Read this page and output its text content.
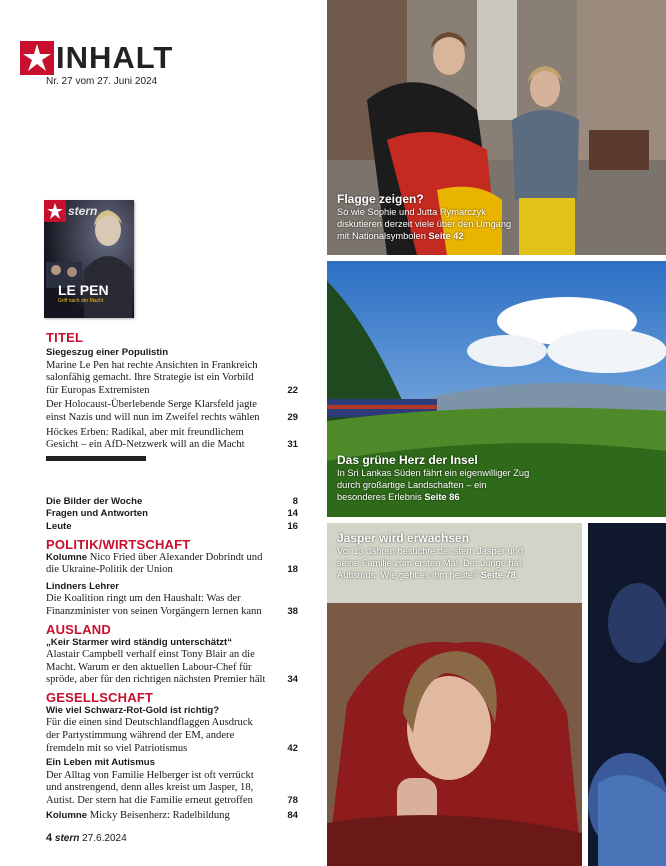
INHALT
Nr. 27 vom 27. Juni 2024
LE PEN
Griff nach der Macht
stern
TITEL
Siegeszug einer Populistin
Marine Le Pen hat rechte Ansichten in Frankreich salonfähig gemacht. Ihre Strategie ist ein Vorbild für Europas Extremisten	22
Der Holocaust-Überlebende Serge Klarsfeld jagte einst Nazis und will nun im Zweifel rechts wählen	29
Höckes Erben: Radikal, aber mit freundlichem Gesicht – ein AfD-Netzwerk will an die Macht	31
Die Bilder der Woche	8
Fragen und Antworten	14
Leute	16
POLITIK/WIRTSCHAFT
Kolumne Nico Fried über Alexander Dobrindt und die Ukraine-Politik der Union	18
Lindners Lehrer
Die Koalition ringt um den Haushalt: Was der Finanzminister von seinen Vorgängern lernen kann	38
AUSLAND
„Keir Starmer wird ständig unterschätzt“
Alastair Campbell verhalf einst Tony Blair an die Macht. Warum er den aktuellen Labour-Chef für spröde, aber für den richtigen nächsten Premier hält 34
GESELLSCHAFT
Wie viel Schwarz-Rot-Gold ist richtig?
Für die einen sind Deutschlandflaggen Ausdruck der Partystimmung während der EM, andere fremdeln mit so viel Patriotismus	42
Ein Leben mit Autismus
Der Alltag von Familie Helberger ist oft verrückt und anstrengend, denn alles kreist um Jasper, 18, Autist. Der stern hat die Familie erneut getroffen	78
Kolumne Micky Beisenherz: Radelbildung	84
4 stern 27.6.2024
Flagge zeigen?
So wie Sophie und Jutta Rymarczyk diskutieren derzeit viele über den Umgang mit Nationalsymbolen Seite 42
Das grüne Herz der Insel
In Sri Lankas Süden fährt ein eigenwilliger Zug durch großartige Landschaften – ein besonderes Erlebnis Seite 86
Jasper wird erwachsen
Vor 13 Jahren besuchte der stern Jasper und seine Familie zum ersten Mal. Der Junge hat Autismus. Wie geht es ihm heute? Seite 78
